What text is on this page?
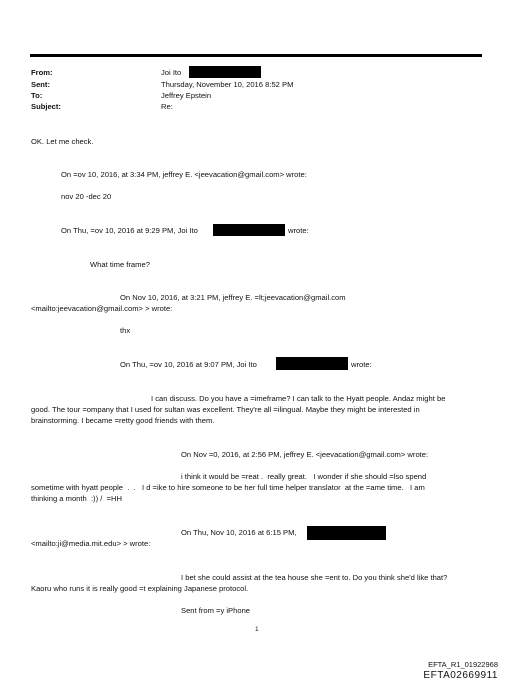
From:	Joi Ito
Sent:	Thursday, November 10, 2016 8:52 PM
To:	Jeffrey Epstein
Subject:	Re:
OK. Let me check.
On =ov 10, 2016, at 3:34 PM, jeffrey E. <jeevacation@gmail.com> wrote:
nov 20 -dec 20
On Thu, =ov 10, 2016 at 9:29 PM, Joi Ito	wrote:
What time frame?
On Nov 10, 2016, at 3:21 PM, jeffrey E. =lt;jeevacation@gmail.com
<mailto:jeevacation@gmail.com> > wrote:
thx
On Thu, =ov 10, 2016 at 9:07 PM, Joi Ito	wrote:
I can discuss. Do you have a =imeframe? I can talk to the Hyatt people. Andaz might be
good. The tour =ompany that I used for sultan was excellent. They're all =ilingual. Maybe they might be interested in
brainstorming. I became =retty good friends with them.
On Nov =0, 2016, at 2:56 PM, jeffrey E. <jeevacation@gmail.com> wrote:
i think it would be =reat .  really great.   I wonder if she should =lso spend
sometime with hyatt people  .  .   I d =ike to hire someone to be her full time helper translator  at the =ame time.   I am
thinking a month  :)) /  =HH
On Thu, Nov 10, 2016 at 6:15 PM,
<mailto:ji@media.mit.edu> > wrote:
I bet she could assist at the tea house she =ent to. Do you think she'd like that?
Kaoru who runs it is really good =t explaining Japanese protocol.
Sent from =y iPhone
1
EFTA_R1_01922968
EFTA02669911
